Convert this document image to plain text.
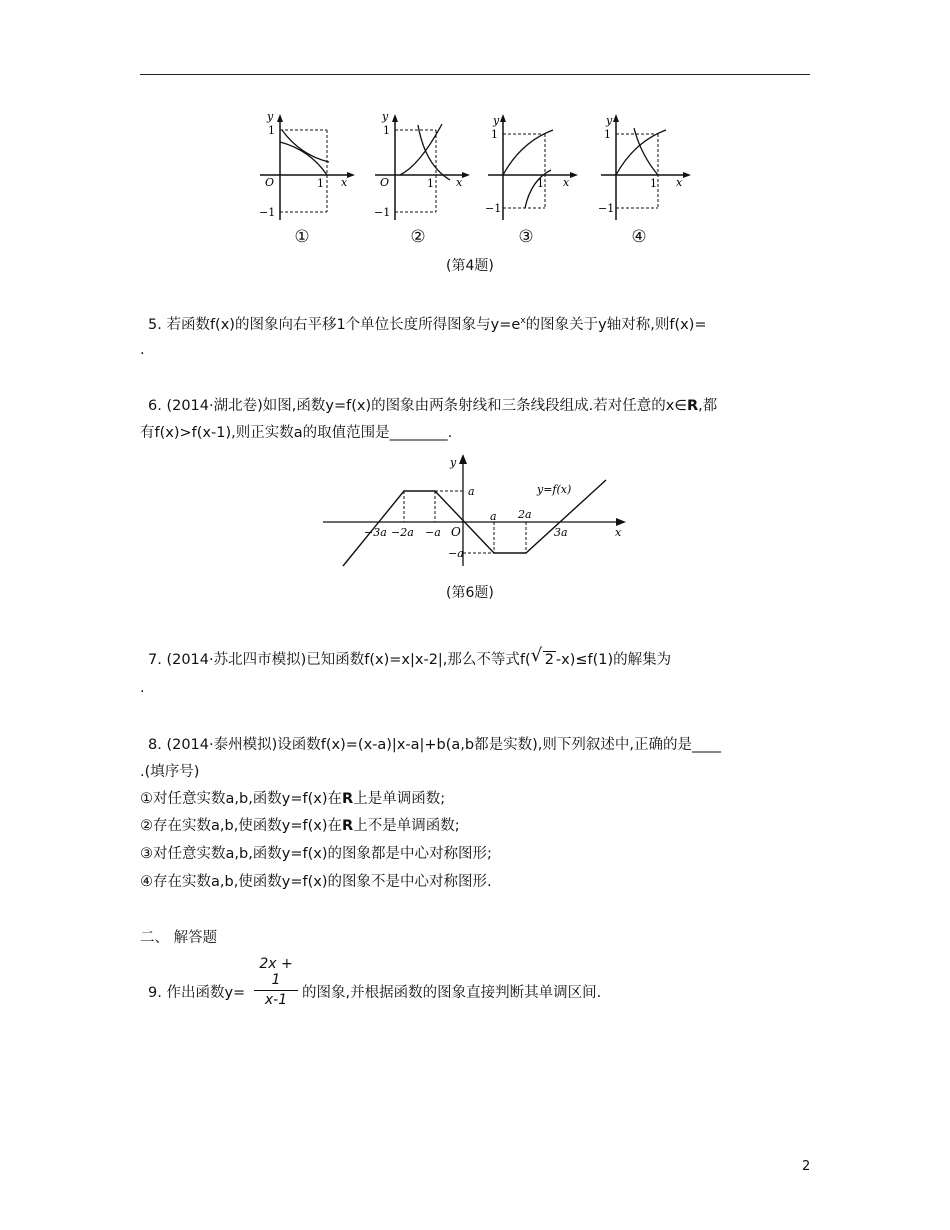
y
x
O
1
1
−1
y
x
O
1
1
−1
y
x
1
1
−1
y
x
1
1
−1
①	②	③	④
(第4题)
5. 若函数f(x)的图象向右平移1个单位长度所得图象与$y=e^x$的图象关于y轴对称,则f(x)=
.
6. (2014·湖北卷)如图,函数y=f(x)的图象由两条射线和三条线段组成.若对任意的x∈R,都
有f(x)>f(x-1),则正实数a的取值范围是________.
y
x
O
y=f(x)
a
−a
a 2a
3a
−3a −2a −a
(第6题)
7. (2014·苏北四市模拟)已知函数f(x)=x|x-2|,那么不等式f( √ 2 -x)≤f(1)的解集为
.
8. (2014·泰州模拟)设函数f(x)=(x-a)|x-a|+b(a,b都是实数),则下列叙述中,正确的是____
.(填序号)
①对任意实数a,b,函数y=f(x)在R上是单调函数;
②存在实数a,b,使函数y=f(x)在R上不是单调函数;
③对任意实数a,b,函数y=f(x)的图象都是中心对称图形;
④存在实数a,b,使函数y=f(x)的图象不是中心对称图形.
二、 解答题
$\frac{2x + 1}{x-1}$
9. 作出函数y=	的图象,并根据函数的图象直接判断其单调区间.
2
